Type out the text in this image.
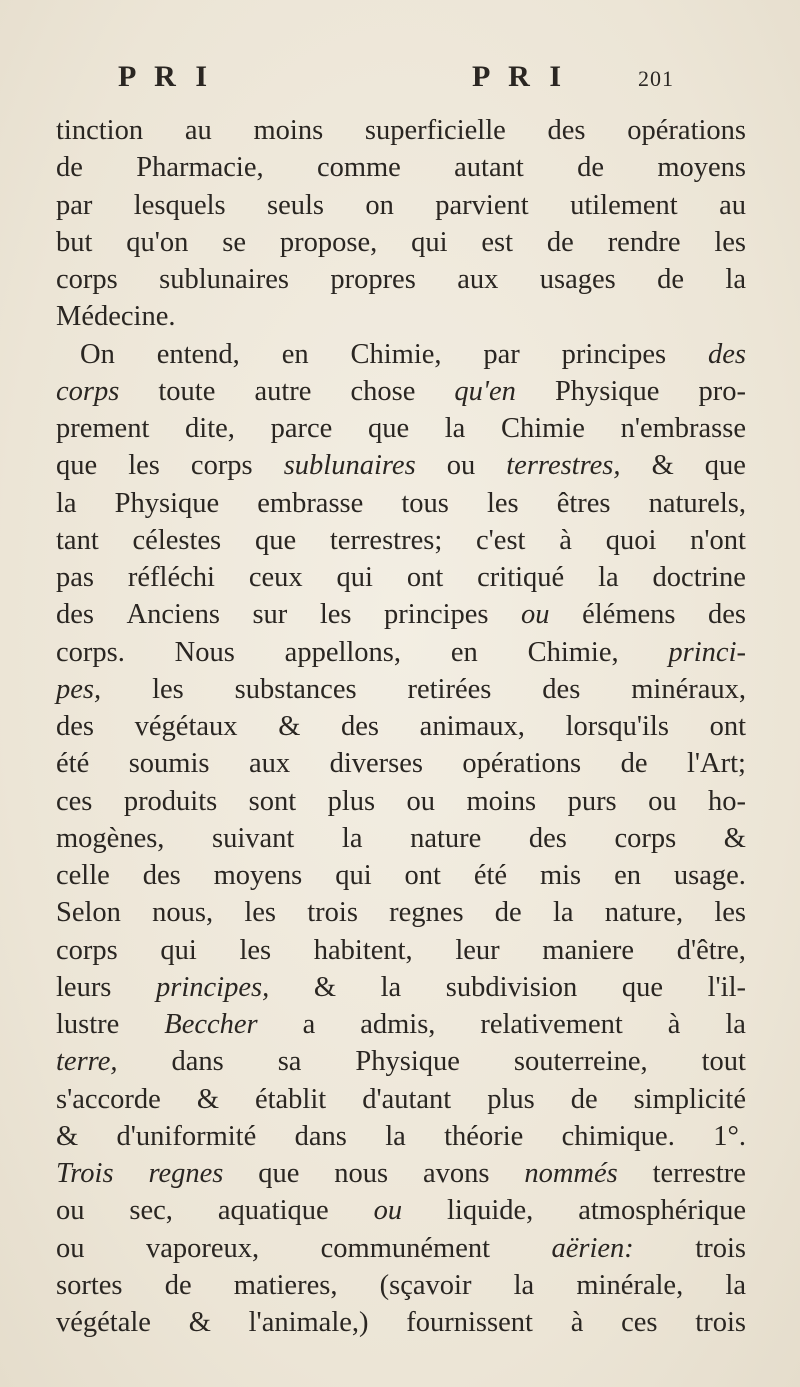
P R I	P R I	201
tinction au moins superficielle des opérations
de Pharmacie, comme autant de moyens
par lesquels seuls on parvient utilement au
but qu'on se propose, qui est de rendre les
corps sublunaires propres aux usages de la
Médecine.
On entend, en Chimie, par principes des
corps toute autre chose qu'en Physique pro-
prement dite, parce que la Chimie n'embrasse
que les corps sublunaires ou terrestres, & que
la Physique embrasse tous les êtres naturels,
tant célestes que terrestres; c'est à quoi n'ont
pas réfléchi ceux qui ont critiqué la doctrine
des Anciens sur les principes ou élémens des
corps. Nous appellons, en Chimie, princi-
pes, les substances retirées des minéraux,
des végétaux & des animaux, lorsqu'ils ont
été soumis aux diverses opérations de l'Art;
ces produits sont plus ou moins purs ou ho-
mogènes, suivant la nature des corps &
celle des moyens qui ont été mis en usage.
Selon nous, les trois regnes de la nature, les
corps qui les habitent, leur maniere d'être,
leurs principes, & la subdivision que l'il-
lustre Beccher a admis, relativement à la
terre, dans sa Physique souterreine, tout
s'accorde & établit d'autant plus de simplicité
& d'uniformité dans la théorie chimique. 1°.
Trois regnes que nous avons nommés terrestre
ou sec, aquatique ou liquide, atmosphérique
ou vaporeux, communément aërien: trois
sortes de matieres, (sçavoir la minérale, la
végétale & l'animale,) fournissent à ces trois
